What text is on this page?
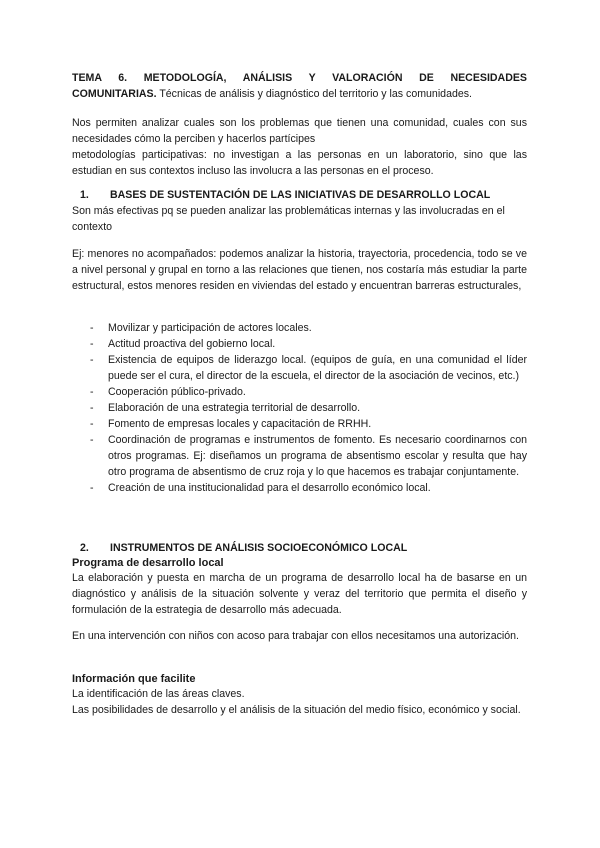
TEMA 6. METODOLOGÍA, ANÁLISIS Y VALORACIÓN DE NECESIDADES

COMUNITARIAS. Técnicas de análisis y diagnóstico del territorio y las comunidades.

Nos permiten analizar cuales son los problemas que tienen una comunidad, cuales con sus necesidades cómo la perciben y hacerlos partícipes

metodologías participativas: no investigan a las personas en un laboratorio, sino que las estudian en sus contextos incluso las involucra a las personas en el proceso.

1. BASES DE SUSTENTACIÓN DE LAS INICIATIVAS DE DESARROLLO LOCAL

Son más efectivas pq se pueden analizar las problemáticas internas y las involucradas en el contexto

Ej: menores no acompañados: podemos analizar la historia, trayectoria, procedencia, todo se ve a nivel personal y grupal en torno a las relaciones que tienen, nos costaría más estudiar la parte estructural, estos menores residen en viviendas del estado y encuentran barreras estructurales,

- Movilizar y participación de actores locales.
- Actitud proactiva del gobierno local.
- Existencia de equipos de liderazgo local. (equipos de guía, en una comunidad el líder puede ser el cura, el director de la escuela, el director de la asociación de vecinos, etc.)
- Cooperación público-privado.
- Elaboración de una estrategia territorial de desarrollo.
- Fomento de empresas locales y capacitación de RRHH.
- Coordinación de programas e instrumentos de fomento. Es necesario coordinarnos con otros programas. Ej: diseñamos un programa de absentismo escolar y resulta que hay otro programa de absentismo de cruz roja y lo que hacemos es trabajar conjuntamente.
- Creación de una institucionalidad para el desarrollo económico local.
2. INSTRUMENTOS DE ANÁLISIS SOCIOECONÓMICO LOCAL

Programa de desarrollo local

La elaboración y puesta en marcha de un programa de desarrollo local ha de basarse en un diagnóstico y análisis de la situación solvente y veraz del territorio que permita el diseño y formulación de la estrategia de desarrollo más adecuada.

En una intervención con niños con acoso para trabajar con ellos necesitamos una autorización.

Información que facilite

La identificación de las áreas claves.

Las posibilidades de desarrollo y el análisis de la situación del medio físico, económico y social.
